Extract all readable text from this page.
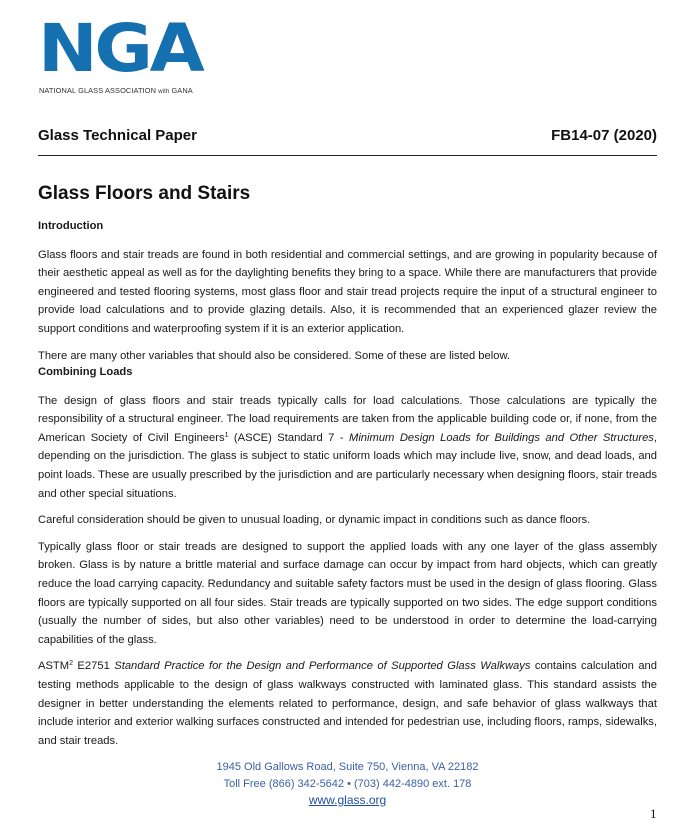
NGA
NATIONAL GLASS ASSOCIATION with GANA
Glass Technical Paper	FB14-07 (2020)
Glass Floors and Stairs
Introduction
Glass floors and stair treads are found in both residential and commercial settings, and are growing in popularity because of their aesthetic appeal as well as for the daylighting benefits they bring to a space. While there are manufacturers that provide engineered and tested flooring systems, most glass floor and stair tread projects require the input of a structural engineer to provide load calculations and to provide glazing details. Also, it is recommended that an experienced glazer review the support conditions and waterproofing system if it is an exterior application.
There are many other variables that should also be considered. Some of these are listed below.
Combining Loads
The design of glass floors and stair treads typically calls for load calculations. Those calculations are typically the responsibility of a structural engineer. The load requirements are taken from the applicable building code or, if none, from the American Society of Civil Engineers$^1$ (ASCE) Standard 7 - Minimum Design Loads for Buildings and Other Structures, depending on the jurisdiction. The glass is subject to static uniform loads which may include live, snow, and dead loads, and point loads. These are usually prescribed by the jurisdiction and are particularly necessary when designing floors, stair treads and other special situations.
Careful consideration should be given to unusual loading, or dynamic impact in conditions such as dance floors.
Typically glass floor or stair treads are designed to support the applied loads with any one layer of the glass assembly broken. Glass is by nature a brittle material and surface damage can occur by impact from hard objects, which can greatly reduce the load carrying capacity. Redundancy and suitable safety factors must be used in the design of glass flooring. Glass floors are typically supported on all four sides. Stair treads are typically supported on two sides. The edge support conditions (usually the number of sides, but also other variables) need to be understood in order to determine the load-carrying capabilities of the glass.
ASTM$^2$ E2751 Standard Practice for the Design and Performance of Supported Glass Walkways contains calculation and testing methods applicable to the design of glass walkways constructed with laminated glass. This standard assists the designer in better understanding the elements related to performance, design, and safe behavior of glass walkways that include interior and exterior walking surfaces constructed and intended for pedestrian use, including floors, ramps, sidewalks, and stair treads.
1945 Old Gallows Road, Suite 750, Vienna, VA 22182
Toll Free (866) 342-5642 • (703) 442-4890 ext. 178
www.glass.org
1
